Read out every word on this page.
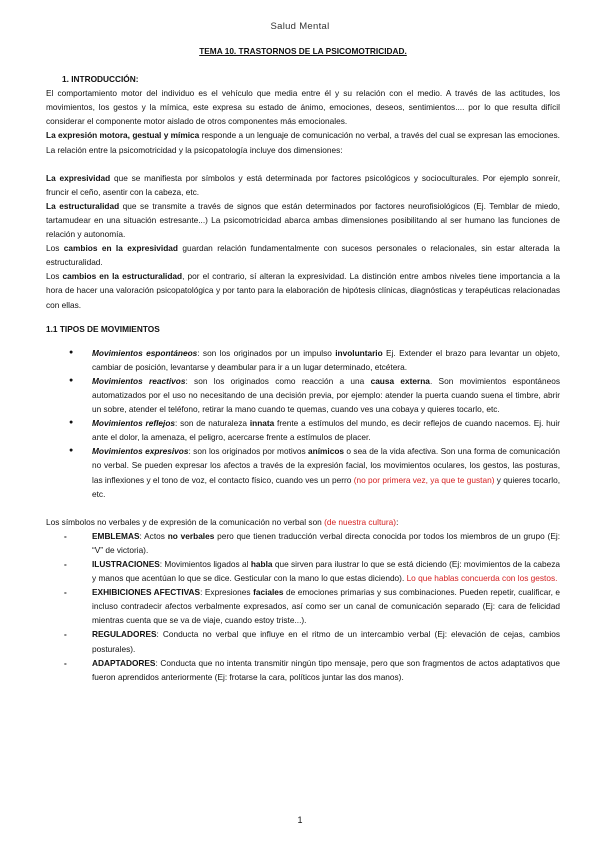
Salud Mental

TEMA 10. TRASTORNOS DE LA PSICOMOTRICIDAD.

1. INTRODUCCIÓN:

El comportamiento motor del individuo es el vehículo que media entre él y su relación con el medio. A través de las actitudes, los movimientos, los gestos y la mímica, este expresa su estado de ánimo, emociones, deseos, sentimientos.... por lo que resulta difícil considerar el componente motor aislado de otros componentes más emocionales.

La expresión motora, gestual y mímica responde a un lenguaje de comunicación no verbal, a través del cual se expresan las emociones. La relación entre la psicomotricidad y la psicopatología incluye dos dimensiones:

La expresividad que se manifiesta por símbolos y está determinada por factores psicológicos y socioculturales. Por ejemplo sonreír, fruncir el ceño, asentir con la cabeza, etc.

La estructuralidad que se transmite a través de signos que están determinados por factores neurofisiológicos (Ej. Temblar de miedo, tartamudear en una situación estresante...) La psicomotricidad abarca ambas dimensiones posibilitando al ser humano las funciones de relación y autonomía.

Los cambios en la expresividad guardan relación fundamentalmente con sucesos personales o relacionales, sin estar alterada la estructuralidad.

Los cambios en la estructuralidad, por el contrario, sí alteran la expresividad. La distinción entre ambos niveles tiene importancia a la hora de hacer una valoración psicopatológica y por tanto para la elaboración de hipótesis clínicas, diagnósticas y terapéuticas relacionadas con ellas.

1.1 TIPOS DE MOVIMIENTOS

● Movimientos espontáneos: son los originados por un impulso involuntario Ej. Extender el brazo para levantar un objeto, cambiar de posición, levantarse y deambular para ir a un lugar determinado, etcétera.
● Movimientos reactivos: son los originados como reacción a una causa externa. Son movimientos espontáneos automatizados por el uso no necesitando de una decisión previa, por ejemplo: atender la puerta cuando suena el timbre, abrir un sobre, atender el teléfono, retirar la mano cuando te quemas, cuando ves una cobaya y quieres tocarlo, etc.
● Movimientos reflejos: son de naturaleza innata frente a estímulos del mundo, es decir reflejos de cuando nacemos. Ej. huir ante el dolor, la amenaza, el peligro, acercarse frente a estímulos de placer.
● Movimientos expresivos: son los originados por motivos anímicos o sea de la vida afectiva. Son una forma de comunicación no verbal. Se pueden expresar los afectos a través de la expresión facial, los movimientos oculares, los gestos, las posturas, las inflexiones y el tono de voz, el contacto físico, cuando ves un perro (no por primera vez, ya que te gustan) y quieres tocarlo, etc.

Los símbolos no verbales y de expresión de la comunicación no verbal son (de nuestra cultura):

- EMBLEMAS: Actos no verbales pero que tienen traducción verbal directa conocida por todos los miembros de un grupo (Ej: “V” de victoria).
- ILUSTRACIONES: Movimientos ligados al habla que sirven para ilustrar lo que se está diciendo (Ej: movimientos de la cabeza y manos que acentúan lo que se dice. Gesticular con la mano lo que estas diciendo). Lo que hablas concuerda con los gestos.
- EXHIBICIONES AFECTIVAS: Expresiones faciales de emociones primarias y sus combinaciones. Pueden repetir, cualificar, e incluso contradecir afectos verbalmente expresados, así como ser un canal de comunicación separado (Ej: cara de felicidad mientras cuenta que se va de viaje, cuando estoy triste...).
- REGULADORES: Conducta no verbal que influye en el ritmo de un intercambio verbal (Ej: elevación de cejas, cambios posturales).
- ADAPTADORES: Conducta que no intenta transmitir ningún tipo mensaje, pero que son fragmentos de actos adaptativos que fueron aprendidos anteriormente (Ej: frotarse la cara, políticos juntar las dos manos).
1
